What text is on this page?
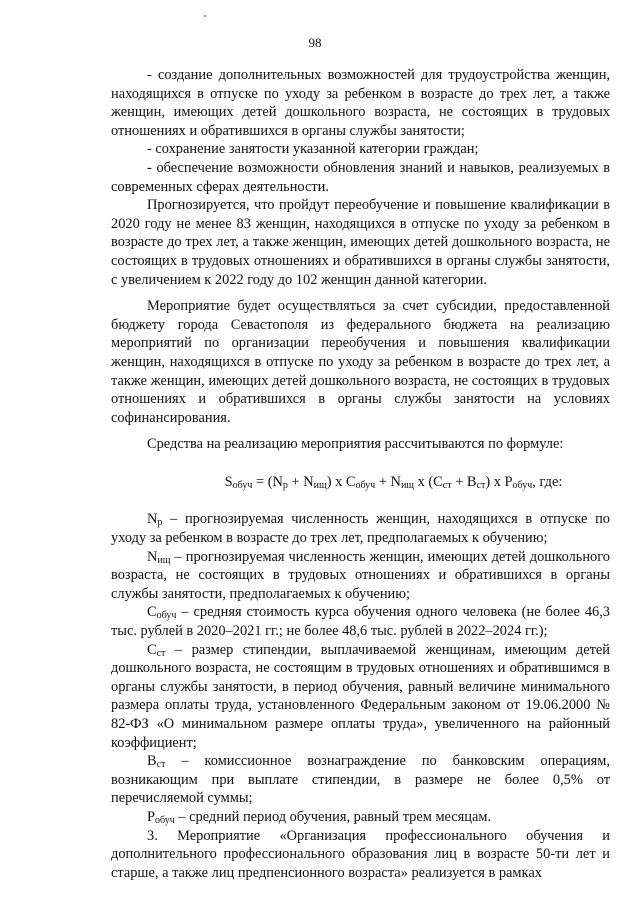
98

- создание дополнительных возможностей для трудоустройства женщин, находящихся в отпуске по уходу за ребенком в возрасте до трех лет, а также женщин, имеющих детей дошкольного возраста, не состоящих в трудовых отношениях и обратившихся в органы службы занятости;

- сохранение занятости указанной категории граждан;

- обеспечение возможности обновления знаний и навыков, реализуемых в современных сферах деятельности.

Прогнозируется, что пройдут переобучение и повышение квалификации в 2020 году не менее 83 женщин, находящихся в отпуске по уходу за ребенком в возрасте до трех лет, а также женщин, имеющих детей дошкольного возраста, не состоящих в трудовых отношениях и обратившихся в органы службы занятости, с увеличением к 2022 году до 102 женщин данной категории.

Мероприятие будет осуществляться за счет субсидии, предоставленной бюджету города Севастополя из федерального бюджета на реализацию мероприятий по организации переобучения и повышения квалификации женщин, находящихся в отпуске по уходу за ребенком в возрасте до трех лет, а также женщин, имеющих детей дошкольного возраста, не состоящих в трудовых отношениях и обратившихся в органы службы занятости на условиях софинансирования.

Средства на реализацию мероприятия рассчитываются по формуле:

$S_{обуч} = (N_р + N_{ищ})$ x $C_{обуч} + N_{ищ}$ x $(C_{ст} + B_{ст})$ x $P_{обуч}$, где:

$N_р$ – прогнозируемая численность женщин, находящихся в отпуске по уходу за ребенком в возрасте до трех лет, предполагаемых к обучению;

$N_{ищ}$ – прогнозируемая численность женщин, имеющих детей дошкольного возраста, не состоящих в трудовых отношениях и обратившихся в органы службы занятости, предполагаемых к обучению;

$C_{обуч}$ – средняя стоимость курса обучения одного человека (не более 46,3 тыс. рублей в 2020–2021 гг.; не более 48,6 тыс. рублей в 2022–2024 гг.);

$C_{ст}$ – размер стипендии, выплачиваемой женщинам, имеющим детей дошкольного возраста, не состоящим в трудовых отношениях и обратившимся в органы службы занятости, в период обучения, равный величине минимального размера оплаты труда, установленного Федеральным законом от 19.06.2000 № 82-ФЗ «О минимальном размере оплаты труда», увеличенного на районный коэффициент;

$B_{ст}$ – комиссионное вознаграждение по банковским операциям, возникающим при выплате стипендии, в размере не более 0,5% от перечисляемой суммы;

$P_{обуч}$ – средний период обучения, равный трем месяцам.

3. Мероприятие «Организация профессионального обучения и дополнительного профессионального образования лиц в возрасте 50-ти лет и старше, а также лиц предпенсионного возраста» реализуется в рамках
